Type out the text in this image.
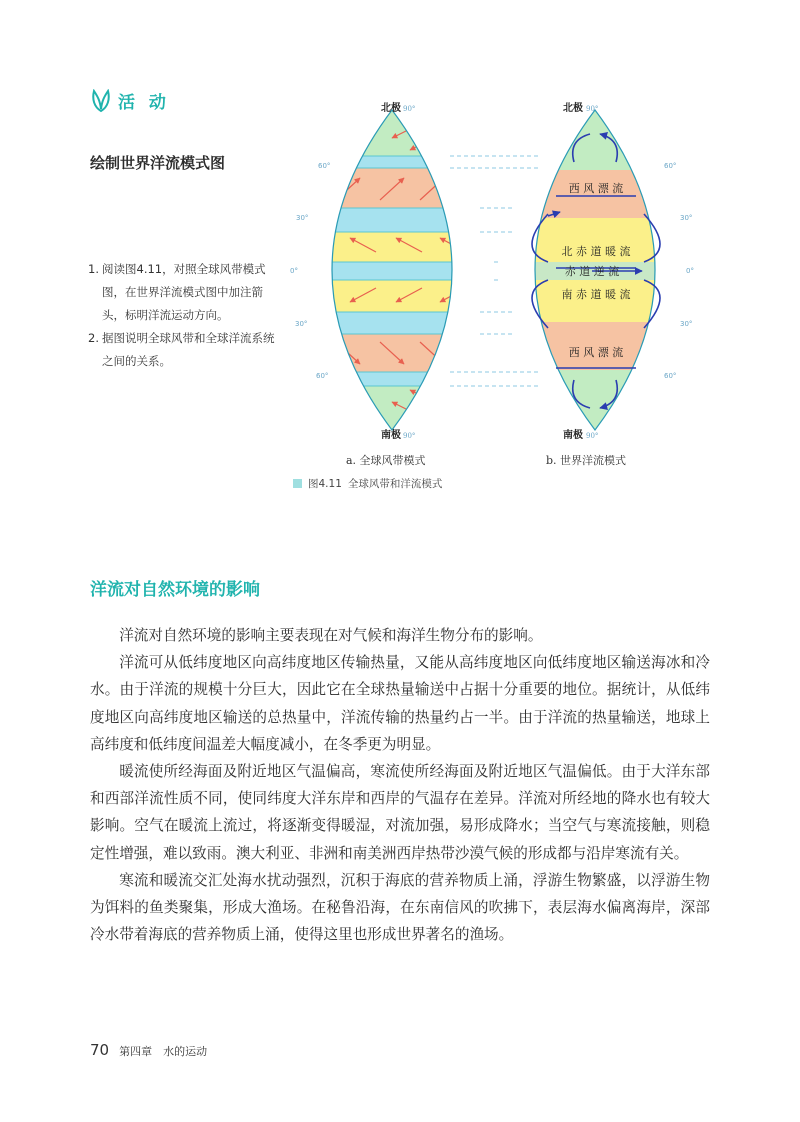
活 动
绘制世界洋流模式图
1. 阅读图4.11，对照全球风带模式图，在世界洋流模式图中加注箭头，标明洋流运动方向。
2. 据图说明全球风带和全球洋流系统之间的关系。
北极 90°	北极 90°
南极 90°	南极 90°
60°
30°
0°
30°
60°
60°
30°
0°
30°
60°
西 风 漂 流
北 赤 道 暖 流
赤 道 逆 流
南 赤 道 暖 流
西 风 漂 流
a. 全球风带模式	b. 世界洋流模式
图4.11 全球风带和洋流模式
洋流对自然环境的影响

洋流对自然环境的影响主要表现在对气候和海洋生物分布的影响。

洋流可从低纬度地区向高纬度地区传输热量，又能从高纬度地区向低纬度地区输送海冰和冷水。由于洋流的规模十分巨大，因此它在全球热量输送中占据十分重要的地位。据统计，从低纬度地区向高纬度地区输送的总热量中，洋流传输的热量约占一半。由于洋流的热量输送，地球上高纬度和低纬度间温差大幅度减小，在冬季更为明显。

暖流使所经海面及附近地区气温偏高，寒流使所经海面及附近地区气温偏低。由于大洋东部和西部洋流性质不同，使同纬度大洋东岸和西岸的气温存在差异。洋流对所经地的降水也有较大影响。空气在暖流上流过，将逐渐变得暖湿，对流加强，易形成降水；当空气与寒流接触，则稳定性增强，难以致雨。澳大利亚、非洲和南美洲西岸热带沙漠气候的形成都与沿岸寒流有关。

寒流和暖流交汇处海水扰动强烈，沉积于海底的营养物质上涌，浮游生物繁盛，以浮游生物为饵料的鱼类聚集，形成大渔场。在秘鲁沿海，在东南信风的吹拂下，表层海水偏离海岸，深部冷水带着海底的营养物质上涌，使得这里也形成世界著名的渔场。

70 第四章　水的运动
